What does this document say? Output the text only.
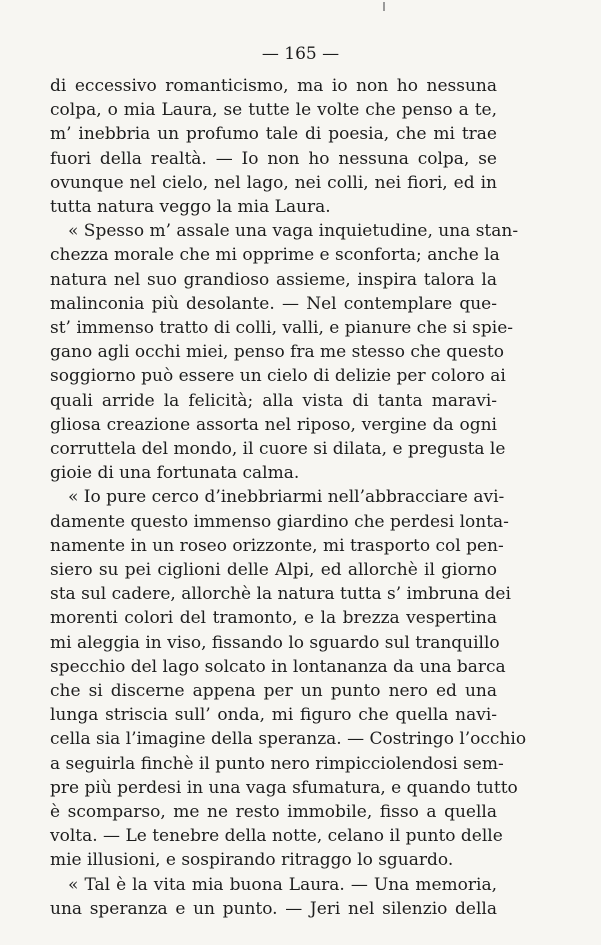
— 165 —
di eccessivo romanticismo, ma io non ho nessuna
colpa, o mia Laura, se tutte le volte che penso a te,
m’ inebbria un profumo tale di poesia, che mi trae
fuori della realtà. — Io non ho nessuna colpa, se
ovunque nel cielo, nel lago, nei colli, nei fiori, ed in
tutta natura veggo la mia Laura.
« Spesso m’ assale una vaga inquietudine, una stan-
chezza morale che mi opprime e sconforta; anche la
natura nel suo grandioso assieme, inspira talora la
malinconia più desolante. — Nel contemplare que-
st’ immenso tratto di colli, valli, e pianure che si spie-
gano agli occhi miei, penso fra me stesso che questo
soggiorno può essere un cielo di delizie per coloro ai
quali arride la felicità; alla vista di tanta maravi-
gliosa creazione assorta nel riposo, vergine da ogni
corruttela del mondo, il cuore si dilata, e pregusta le
gioie di una fortunata calma.
« Io pure cerco d’inebbriarmi nell’abbracciare avi-
damente questo immenso giardino che perdesi lonta-
namente in un roseo orizzonte, mi trasporto col pen-
siero su pei ciglioni delle Alpi, ed allorchè il giorno
sta sul cadere, allorchè la natura tutta s’ imbruna dei
morenti colori del tramonto, e la brezza vespertina
mi aleggia in viso, fissando lo sguardo sul tranquillo
specchio del lago solcato in lontananza da una barca
che si discerne appena per un punto nero ed una
lunga striscia sull’ onda, mi figuro che quella navi-
cella sia l’imagine della speranza. — Costringo l’occhio
a seguirla finchè il punto nero rimpicciolendosi sem-
pre più perdesi in una vaga sfumatura, e quando tutto
è scomparso, me ne resto immobile, fisso a quella
volta. — Le tenebre della notte, celano il punto delle
mie illusioni, e sospirando ritraggo lo sguardo.
« Tal è la vita mia buona Laura. — Una memoria,
una speranza e un punto. — Jeri nel silenzio della
